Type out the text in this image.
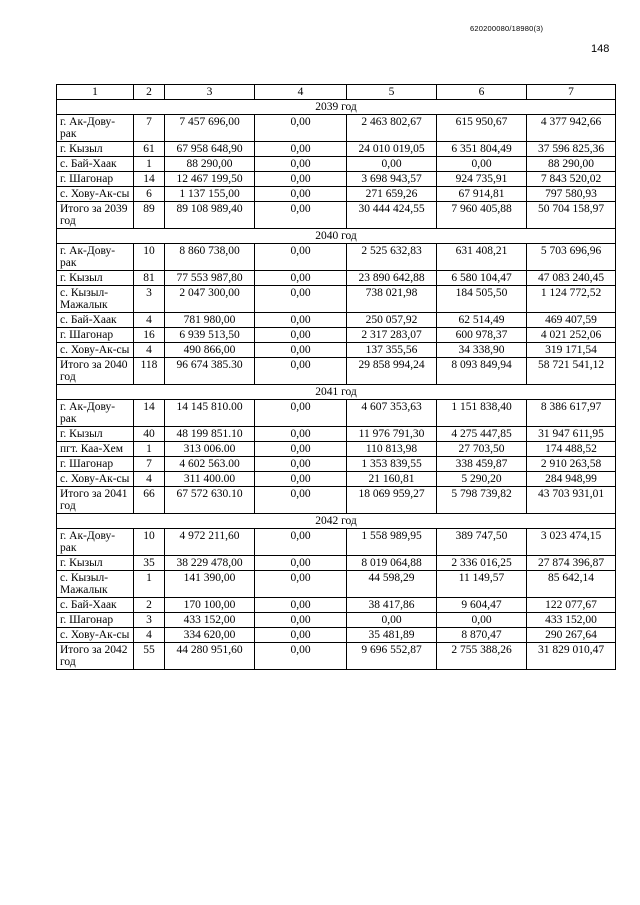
620200080/18980(3)
148
1	2	3	4	5	6	7
2039 год						
г. Ак-Дову-рак	7	7 457 696,00	0,00	2 463 802,67	615 950,67	4 377 942,66
г. Кызыл	61	67 958 648,90	0,00	24 010 019,05	6 351 804,49	37 596 825,36
с. Бай-Хаак	1	88 290,00	0,00	0,00	0,00	88 290,00
г. Шагонар	14	12 467 199,50	0,00	3 698 943,57	924 735,91	7 843 520,02
с. Хову-Ак-сы	6	1 137 155,00	0,00	271 659,26	67 914,81	797 580,93
Итого за 2039 год	89	89 108 989,40	0,00	30 444 424,55	7 960 405,88	50 704 158,97
2040 год						
г. Ак-Дову-рак	10	8 860 738,00	0,00	2 525 632,83	631 408,21	5 703 696,96
г. Кызыл	81	77 553 987,80	0,00	23 890 642,88	6 580 104,47	47 083 240,45
с. Кызыл-Мажалык	3	2 047 300,00	0,00	738 021,98	184 505,50	1 124 772,52
с. Бай-Хаак	4	781 980,00	0,00	250 057,92	62 514,49	469 407,59
г. Шагонар	16	6 939 513,50	0,00	2 317 283,07	600 978,37	4 021 252,06
с. Хову-Ак-сы	4	490 866,00	0,00	137 355,56	34 338,90	319 171,54
Итого за 2040 год	118	96 674 385.30	0,00	29 858 994,24	8 093 849,94	58 721 541,12
2041 год						
г. Ак-Дову-рак	14	14 145 810.00	0,00	4 607 353,63	1 151 838,40	8 386 617,97
г. Кызыл	40	48 199 851.10	0,00	11 976 791,30	4 275 447,85	31 947 611,95
пгт. Каа-Хем	1	313 006.00	0,00	110 813,98	27 703,50	174 488,52
г. Шагонар	7	4 602 563.00	0,00	1 353 839,55	338 459,87	2 910 263,58
с. Хову-Ак-сы	4	311 400.00	0,00	21 160,81	5 290,20	284 948,99
Итого за 2041 год	66	67 572 630.10	0,00	18 069 959,27	5 798 739,82	43 703 931,01
2042 год						
г. Ак-Дову-рак	10	4 972 211,60	0,00	1 558 989,95	389 747,50	3 023 474,15
г. Кызыл	35	38 229 478,00	0,00	8 019 064,88	2 336 016,25	27 874 396,87
с. Кызыл-Мажалык	1	141 390,00	0,00	44 598,29	11 149,57	85 642,14
с. Бай-Хаак	2	170 100,00	0,00	38 417,86	9 604,47	122 077,67
г. Шагонар	3	433 152,00	0,00	0,00	0,00	433 152,00
с. Хову-Ак-сы	4	334 620,00	0,00	35 481,89	8 870,47	290 267,64
Итого за 2042 год	55	44 280 951,60	0,00	9 696 552,87	2 755 388,26	31 829 010,47
